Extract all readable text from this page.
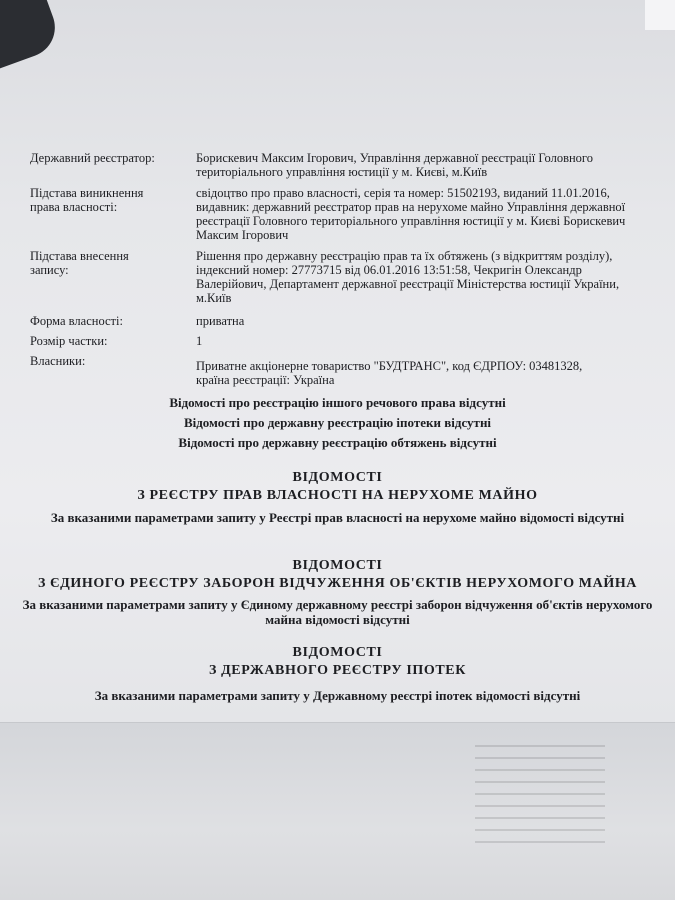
Державний реєстратор:	Борискевич Максим Ігорович, Управління державної реєстрації Головного територіального управління юстиції у м. Києві, м.Київ
Підстава виникнення права власності:
свідоцтво про право власності, серія та номер: 51502193, виданий 11.01.2016, видавник: державний реєстратор прав на нерухоме майно Управління державної реєстрації Головного територіального управління юстиції у м. Києві Борискевич Максим Ігорович
Підстава внесення запису:
Рішення про державну реєстрацію прав та їх обтяжень (з відкриттям розділу), індексний номер: 27773715 від 06.01.2016 13:51:58, Чекригін Олександр Валерійович, Департамент державної реєстрації Міністерства юстиції України, м.Київ
Форма власності:	приватна
Розмір частки:	1
Власники:	Приватне акціонерне товариство "БУДТРАНС", код ЄДРПОУ: 03481328, країна реєстрації: Україна
Відомості про реєстрацію іншого речового права відсутні
Відомості про державну реєстрацію іпотеки відсутні
Відомості про державну реєстрацію обтяжень відсутні
ВІДОМОСТІ
З РЕЄСТРУ ПРАВ ВЛАСНОСТІ НА НЕРУХОМЕ МАЙНО
За вказаними параметрами запиту у Реєстрі прав власності на нерухоме майно відомості відсутні
ВІДОМОСТІ
З ЄДИНОГО РЕЄСТРУ ЗАБОРОН ВІДЧУЖЕННЯ ОБ'ЄКТІВ НЕРУХОМОГО МАЙНА
За вказаними параметрами запиту у Єдиному державному реєстрі заборон відчуження об'єктів нерухомого майна відомості відсутні
ВІДОМОСТІ
З ДЕРЖАВНОГО РЕЄСТРУ ІПОТЕК
За вказаними параметрами запиту у Державному реєстрі іпотек відомості відсутні
